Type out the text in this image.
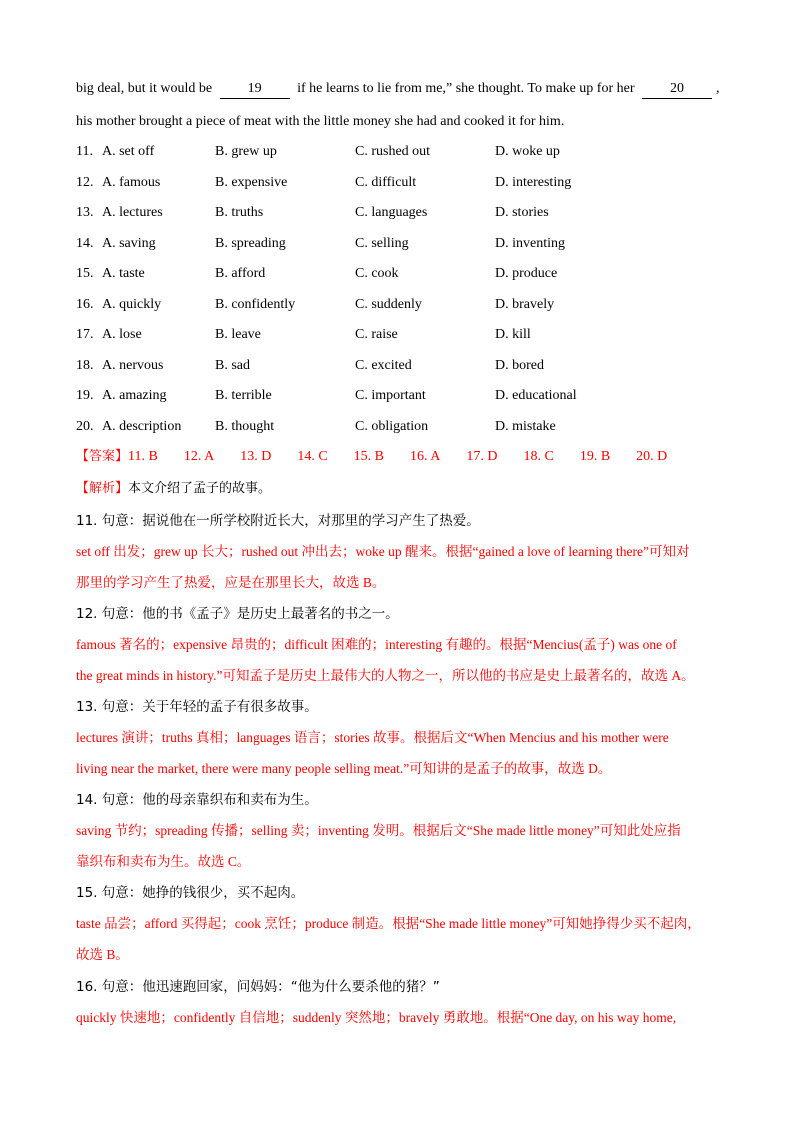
big deal, but it would be	19	if he learns to lie from me,” she thought. To make up for her	20 ,
his mother brought a piece of meat with the little money she had and cooked it for him.
11. A. set off	B. grew up	C. rushed out	D. woke up
12. A. famous	B. expensive	C. difficult	D. interesting
13. A. lectures	B. truths	C. languages	D. stories
14. A. saving	B. spreading	C. selling	D. inventing
15. A. taste	B. afford	C. cook	D. produce
16. A. quickly	B. confidently	C. suddenly	D. bravely
17. A. lose	B. leave	C. raise	D. kill
18. A. nervous	B. sad	C. excited	D. bored
19. A. amazing	B. terrible	C. important	D. educational
20. A. description B. thought	C. obligation	D. mistake
【答案】11. B 12. A 13. D 14. C 15. B 16. A 17. D 18. C 19. B 20. D
【解析】本文介绍了孟子的故事。
11. 句意：据说他在一所学校附近长大，对那里的学习产生了热爱。
set off 出发；grew up 长大；rushed out 冲出去；woke up 醒来。根据“gained a love of learning there”可知对
那里的学习产生了热爱，应是在那里长大，故选 B。
12. 句意：他的书《孟子》是历史上最著名的书之一。
famous 著名的；expensive 昂贵的；difficult 困难的；interesting 有趣的。根据“Mencius(孟子) was one of
the great minds in history.”可知孟子是历史上最伟大的人物之一，所以他的书应是史上最著名的，故选 A。
13. 句意：关于年轻的孟子有很多故事。
lectures 演讲；truths 真相；languages 语言；stories 故事。根据后文“When Mencius and his mother were
living near the market, there were many people selling meat.”可知讲的是孟子的故事，故选 D。
14. 句意：他的母亲靠织布和卖布为生。
saving 节约；spreading 传播；selling 卖；inventing 发明。根据后文“She made little money”可知此处应指
靠织布和卖布为生。故选 C。
15. 句意：她挣的钱很少，买不起肉。
taste 品尝；afford 买得起；cook 烹饪；produce 制造。根据“She made little money”可知她挣得少买不起肉，
故选 B。
16. 句意：他迅速跑回家，问妈妈：“他为什么要杀他的猪？”
quickly 快速地；confidently 自信地；suddenly 突然地；bravely 勇敢地。根据“One day, on his way home,
